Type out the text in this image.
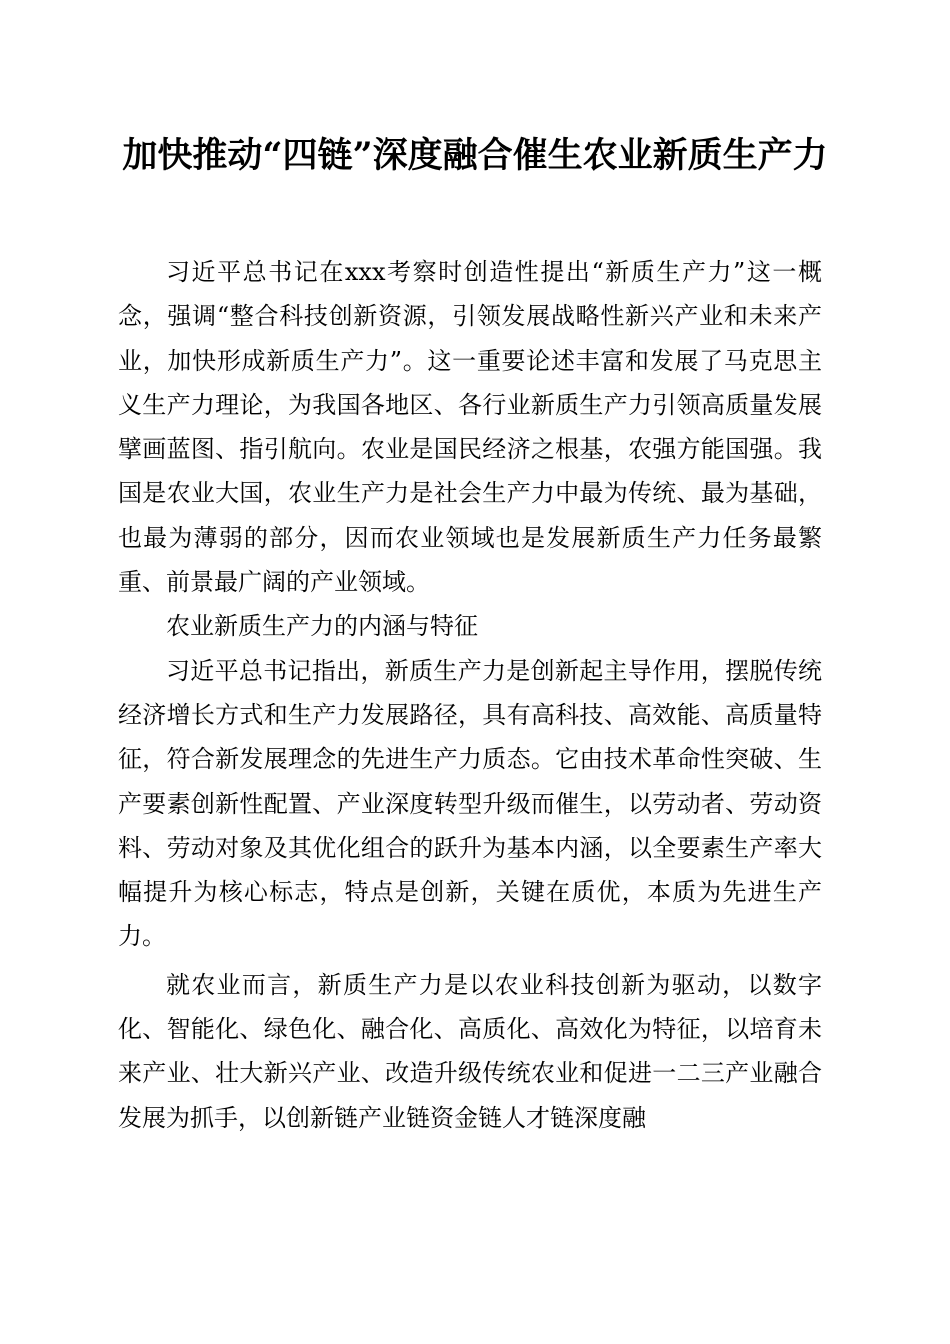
加快推动“四链”深度融合催生农业新质生产力

习近平总书记在xxx考察时创造性提出“新质生产力”这一概念，强调“整合科技创新资源，引领发展战略性新兴产业和未来产业，加快形成新质生产力”。这一重要论述丰富和发展了马克思主义生产力理论，为我国各地区、各行业新质生产力引领高质量发展擘画蓝图、指引航向。农业是国民经济之根基，农强方能国强。我国是农业大国，农业生产力是社会生产力中最为传统、最为基础，也最为薄弱的部分，因而农业领域也是发展新质生产力任务最繁重、前景最广阔的产业领域。

农业新质生产力的内涵与特征

习近平总书记指出，新质生产力是创新起主导作用，摆脱传统经济增长方式和生产力发展路径，具有高科技、高效能、高质量特征，符合新发展理念的先进生产力质态。它由技术革命性突破、生产要素创新性配置、产业深度转型升级而催生，以劳动者、劳动资料、劳动对象及其优化组合的跃升为基本内涵，以全要素生产率大幅提升为核心标志，特点是创新，关键在质优，本质为先进生产力。

就农业而言，新质生产力是以农业科技创新为驱动，以数字化、智能化、绿色化、融合化、高质化、高效化为特征，以培育未来产业、壮大新兴产业、改造升级传统农业和促进一二三产业融合发展为抓手，以创新链产业链资金链人才链深度融
